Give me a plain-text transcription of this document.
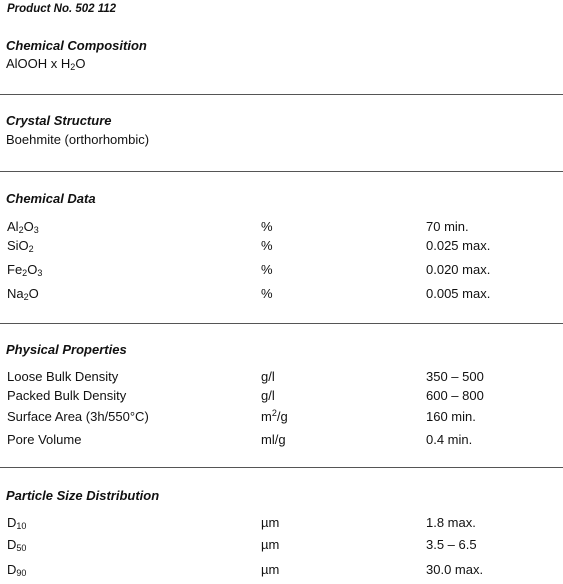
Product No. 502 112
Chemical Composition
AlOOH x $H_2O$
Crystal Structure
Boehmite (orthorhombic)
Chemical Data
$Al_2O_3$	%	70 min.
SiO$_2$	%	0.025 max.
$Fe_2O_3$	%	0.020 max.
$Na_2O$	%	0.005 max.
Physical Properties
Loose Bulk Density	g/l	350 – 500
Packed Bulk Density	g/l	600 – 800
Surface Area (3h/550°C)	$m^2/g$	160 min.
Pore Volume	ml/g	0.4 min.
Particle Size Distribution
$D_{10}$	µm	1.8 max.
$D_{50}$	µm	3.5 – 6.5
$D_{90}$	µm	30.0 max.
